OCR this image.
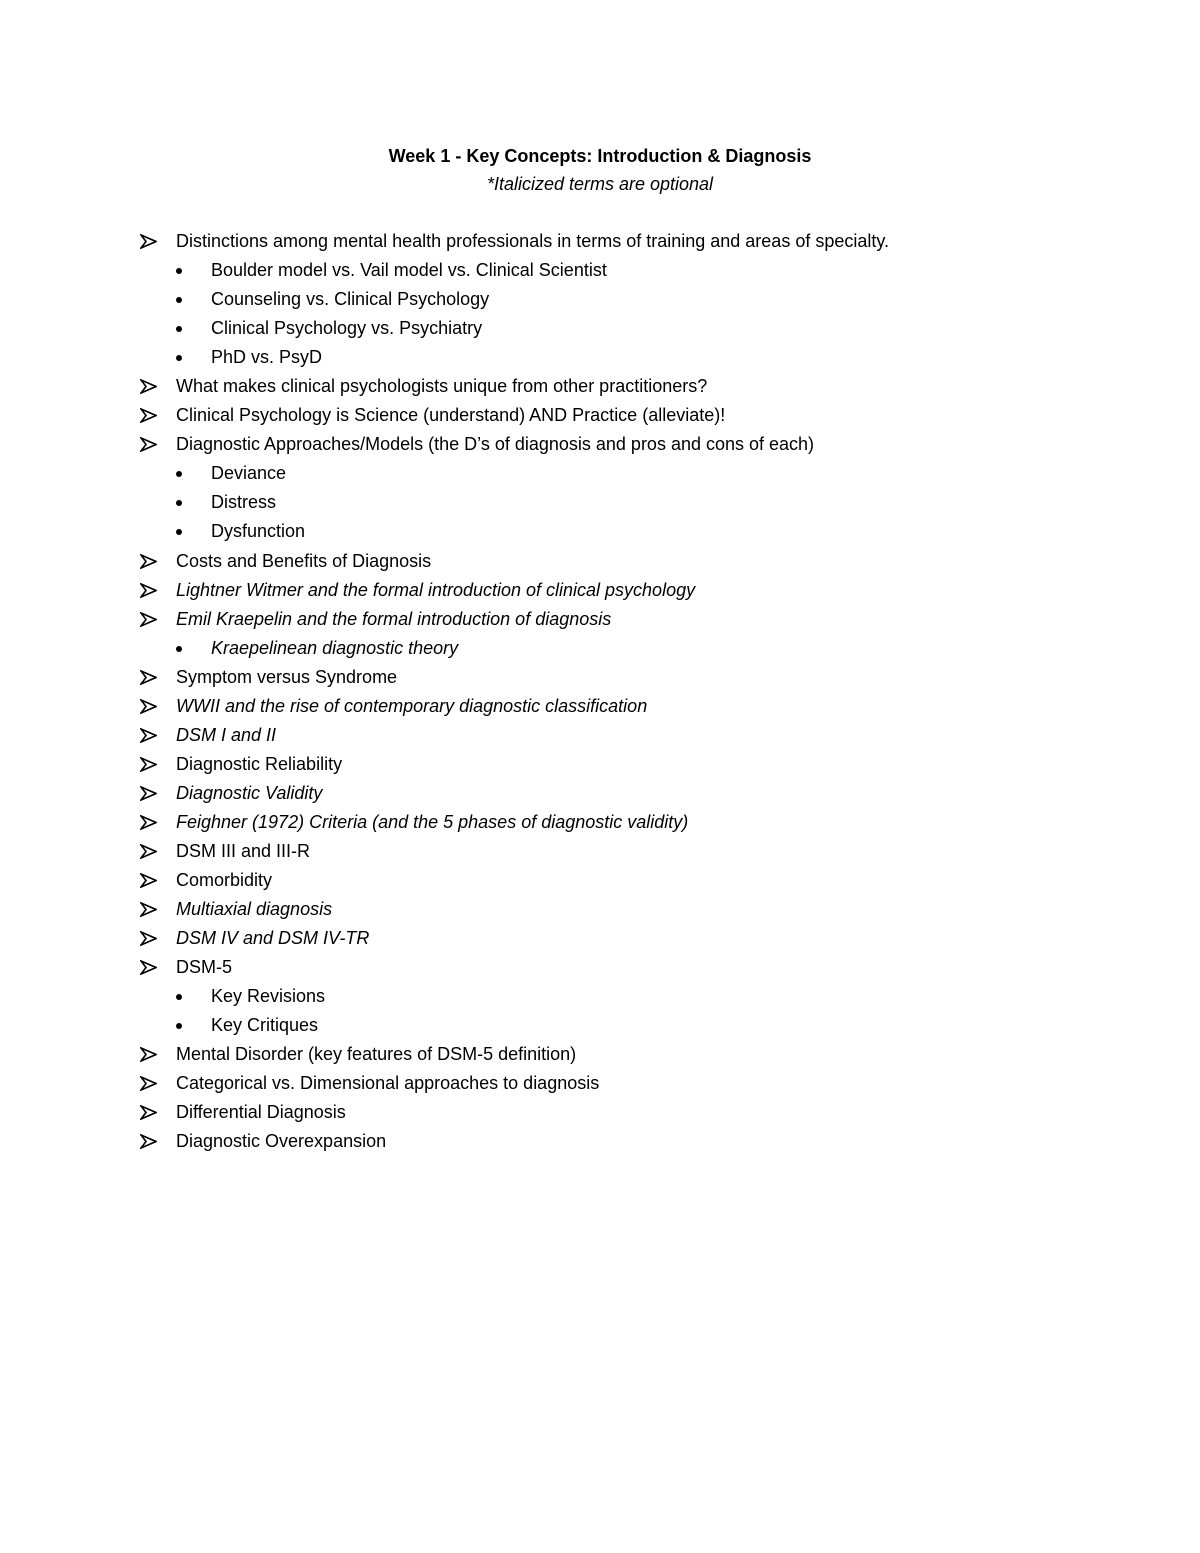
Week 1 - Key Concepts: Introduction & Diagnosis
*Italicized terms are optional
Distinctions among mental health professionals in terms of training and areas of specialty.
Boulder model vs. Vail model vs. Clinical Scientist
Counseling vs. Clinical Psychology
Clinical Psychology vs. Psychiatry
PhD vs. PsyD
What makes clinical psychologists unique from other practitioners?
Clinical Psychology is Science (understand) AND Practice (alleviate)!
Diagnostic Approaches/Models (the D’s of diagnosis and pros and cons of each)
Deviance
Distress
Dysfunction
Costs and Benefits of Diagnosis
Lightner Witmer and the formal introduction of clinical psychology
Emil Kraepelin and the formal introduction of diagnosis
Kraepelinean diagnostic theory
Symptom versus Syndrome
WWII and the rise of contemporary diagnostic classification
DSM I and II
Diagnostic Reliability
Diagnostic Validity
Feighner (1972) Criteria (and the 5 phases of diagnostic validity)
DSM III and III-R
Comorbidity
Multiaxial diagnosis
DSM IV and DSM IV-TR
DSM-5
Key Revisions
Key Critiques
Mental Disorder (key features of DSM-5 definition)
Categorical vs. Dimensional approaches to diagnosis
Differential Diagnosis
Diagnostic Overexpansion
